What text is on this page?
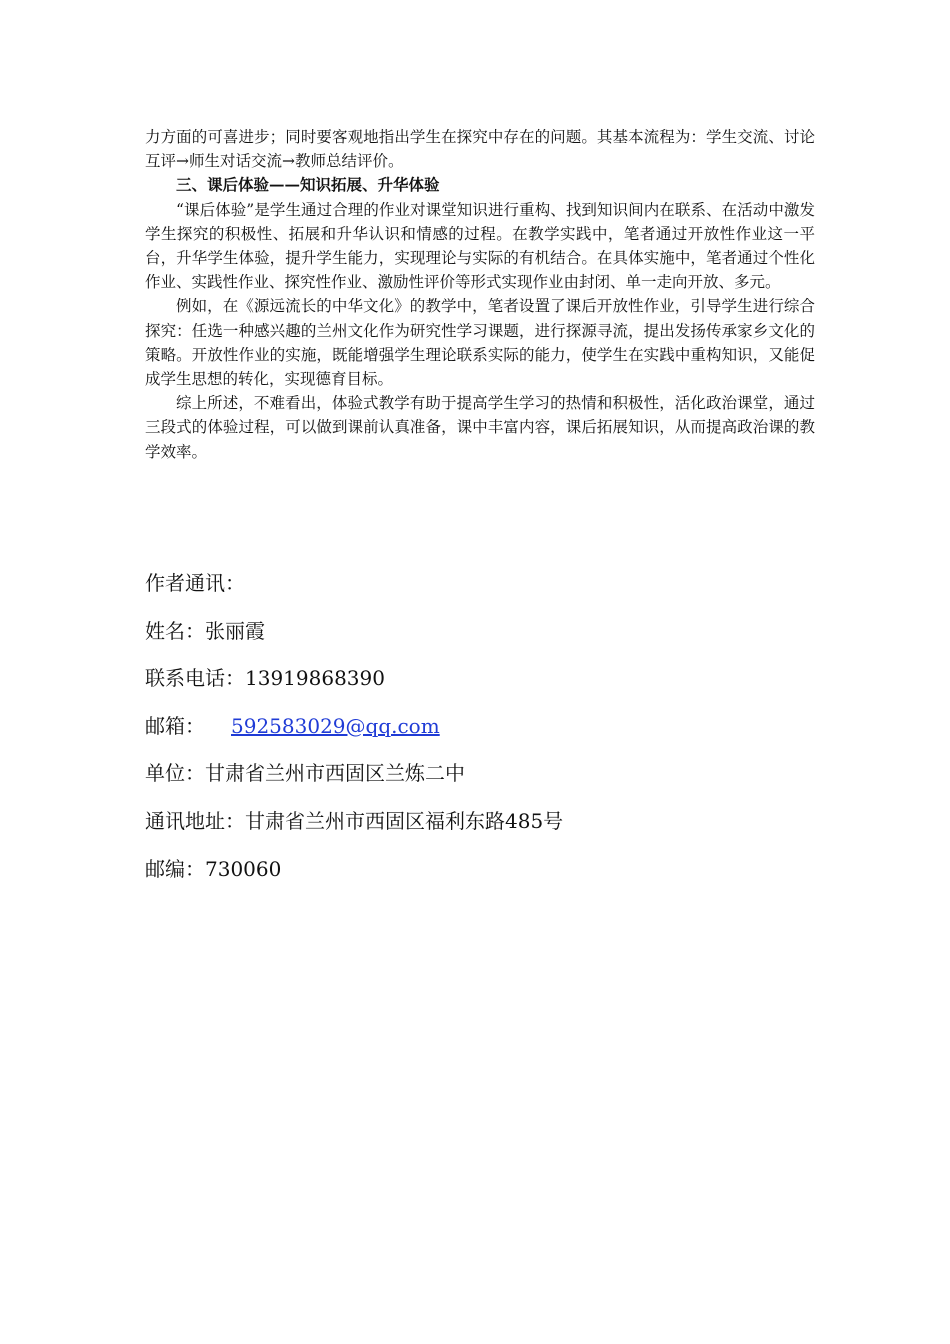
力方面的可喜进步；同时要客观地指出学生在探究中存在的问题。其基本流程为：学生交流、讨论互评→师生对话交流→教师总结评价。

三、课后体验——知识拓展、升华体验

“课后体验”是学生通过合理的作业对课堂知识进行重构、找到知识间内在联系、在活动中激发学生探究的积极性、拓展和升华认识和情感的过程。在教学实践中，笔者通过开放性作业这一平台，升华学生体验，提升学生能力，实现理论与实际的有机结合。在具体实施中，笔者通过个性化作业、实践性作业、探究性作业、激励性评价等形式实现作业由封闭、单一走向开放、多元。

例如，在《源远流长的中华文化》的教学中，笔者设置了课后开放性作业，引导学生进行综合探究：任选一种感兴趣的兰州文化作为研究性学习课题，进行探源寻流，提出发扬传承家乡文化的策略。开放性作业的实施，既能增强学生理论联系实际的能力，使学生在实践中重构知识，又能促成学生思想的转化，实现德育目标。

综上所述，不难看出，体验式教学有助于提高学生学习的热情和积极性，活化政治课堂，通过三段式的体验过程，可以做到课前认真准备，课中丰富内容，课后拓展知识，从而提高政治课的教学效率。

作者通讯：
姓名：张丽霞
联系电话：13919868390
邮箱： 592583029@qq.com
单位：甘肃省兰州市西固区兰炼二中
通讯地址：甘肃省兰州市西固区福利东路485号
邮编：730060
